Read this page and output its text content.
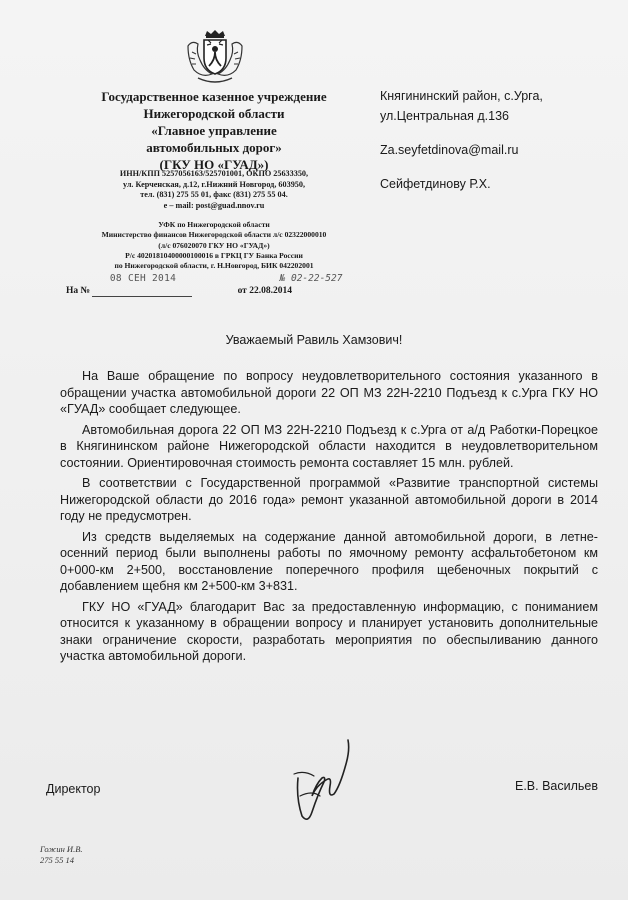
Государственное казенное учреждение
Нижегородской области
«Главное управление
автомобильных дорог»
(ГКУ НО «ГУАД»)
ИНН/КПП 5257056163/525701001, ОКПО 25633350,
ул. Керченская, д.12, г.Нижний Новгород, 603950,
тел. (831) 275 55 01, факс (831) 275 55 04.
e – mail: post@guad.nnov.ru
УФК по Нижегородской области
Министерство финансов Нижегородской области л/с 02322000010
(л/с 076020070 ГКУ НО «ГУАД»)
Р/с 40201810400000100016 в ГРКЦ ГУ Банка России
по Нижегородской области, г. Н.Новгород, БИК 042202001
08 СЕН 2014	№ 02-22-527
На №	от 22.08.2014
Княгининский район, с.Урга,
ул.Центральная д.136
Za.seyfetdinova@mail.ru
Сейфетдинову Р.Х.
Уважаемый Равиль Хамзович!

На Ваше обращение по вопросу неудовлетворительного состояния указанного в обращении участка автомобильной дороги 22 ОП МЗ 22Н-2210 Подъезд к с.Урга ГКУ НО «ГУАД» сообщает следующее.

Автомобильная дорога 22 ОП МЗ 22Н-2210 Подъезд к с.Урга от а/д Работки-Порецкое в Княгининском районе Нижегородской области находится в неудовлетворительном состоянии. Ориентировочная стоимость ремонта составляет 15 млн. рублей.

В соответствии с Государственной программой «Развитие транспортной системы Нижегородской области до 2016 года» ремонт указанной автомобильной дороги в 2014 году не предусмотрен.

Из средств выделяемых на содержание данной автомобильной дороги, в летне-осенний период были выполнены работы по ямочному ремонту асфальтобетоном км 0+000-км 2+500, восстановление поперечного профиля щебеночных покрытий с добавлением щебня км 2+500-км 3+831.

ГКУ НО «ГУАД» благодарит Вас за предоставленную информацию, с пониманием относится к указанному в обращении вопросу и планирует установить дополнительные знаки ограничение скорости, разработать мероприятия по обеспыливанию данного участка автомобильной дороги.

Директор	Е.В. Васильев
Гожин И.В.
275 55 14
